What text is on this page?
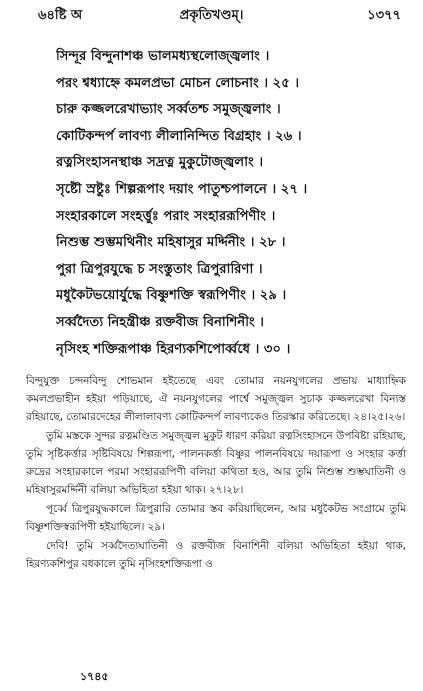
প্রকৃতিখণ্ডম্।
৬৪ষ্টি অ	১৩৭৭
সিন্দূর বিন্দুনাশঞ্চ ভালমধ্যস্থলোজ্জ্বলাং ।
পরং শ্বধ্যাহ্নে কমলপ্রভা মোচন লোচনাং । ২৫ ।
চারু কজ্জলরেখাভ্যাং সর্ব্বতশ্চ সমুজ্জ্বলাং ।
কোটিকন্দর্প লাবণ্য লীলানিন্দিত বিগ্রহাং । ২৬ ।
রত্নসিংহাসনস্থাঞ্চ সদ্রত্ন মুকুটোজ্জ্বলাং ।
সৃষ্টৌ স্রষ্টুঃ শিল্পরূপাং দয়াং পাতুশ্চপালনে । ২৭ ।
সংহারকালে সংহর্ত্তুঃ পরাং সংহাররূপিণীং ।
নিশুম্ভ শুম্ভমথিনীং মহিষাসুর মর্দ্দিনীং । ২৮ ।
পুরা ত্রিপুরযুদ্ধে চ সংস্তুতাং ত্রিপুরারিণা ।
মধুকৈটভয়োর্যুদ্ধে বিষ্ণুশক্তি স্বরূপিণীং । ২৯ ।
সর্ব্বদৈত্য নিহন্ত্রীঞ্চ রক্তবীজ বিনাশিনীং ।
নৃসিংহ শক্তিরূপাঞ্চ হিরণ্যকশিপোর্ব্বধে । ৩০ ।

বিন্দুযুক্ত চন্দনবিন্দু শোভমান হইতেছে এবং তোমার নয়নযুগলের প্রভায় মাধ্যাহ্নিক কমলপ্রভাহীন হইয়া পড়িয়াছে, ঐ নয়নযুগলের পার্শ্বে সমুজ্জ্বল সুচাক কজ্জলরেখা বিন্যস্ত রহিয়াছে, তোমারদেহের লীলালাবণ্য কোটিকন্দর্প লাবণ্যকেও তিরস্কার করিতেছে। ২৪।২৫।২৬।

তুমি মস্তকে সুন্দর রত্নমণ্ডিত সমুজ্জ্বল মুকুট ধারণ করিয়া রত্নসিংহাসনে উপবিষ্টা রহিয়াছ, তুমি সৃষ্টিকর্ত্তার সৃষ্টিবিষয়ে শিল্পরূপা, পালনকর্ত্তা বিষ্ণুর পালনবিষয়ে দয়ারূপা ও সংহার কর্ত্তা রুদ্রের সংহারকালে পরমা সংহাররূপিণী বলিয়া কথিতা হও, আর তুমি নিশুম্ভ শুম্ভঘাতিনী ও মহিষাসুরমর্দ্দিনী বলিয়া অভিহিতা হইয়া থাক। ২৭।২৮।

পূর্ব্বে ত্রিপুরযুদ্ধকালে ত্রিপুরারি তোমার স্তব করিয়াছিলেন, আর মধুকৈটভ সংগ্রামে তুমি বিষ্ণুশক্তিস্বরূপিণী হইয়াছিলে। ২৯।

দেবি! তুমি সর্ব্বদৈত্যঘাতিনী ও রক্তবীজ বিনাশিনী বলিয়া অভিহিতা হইয়া থাক, হিরণ্যকশিপুর বধকালে তুমি নৃসিংহশক্তিরূপা ও

১৭৪৫
